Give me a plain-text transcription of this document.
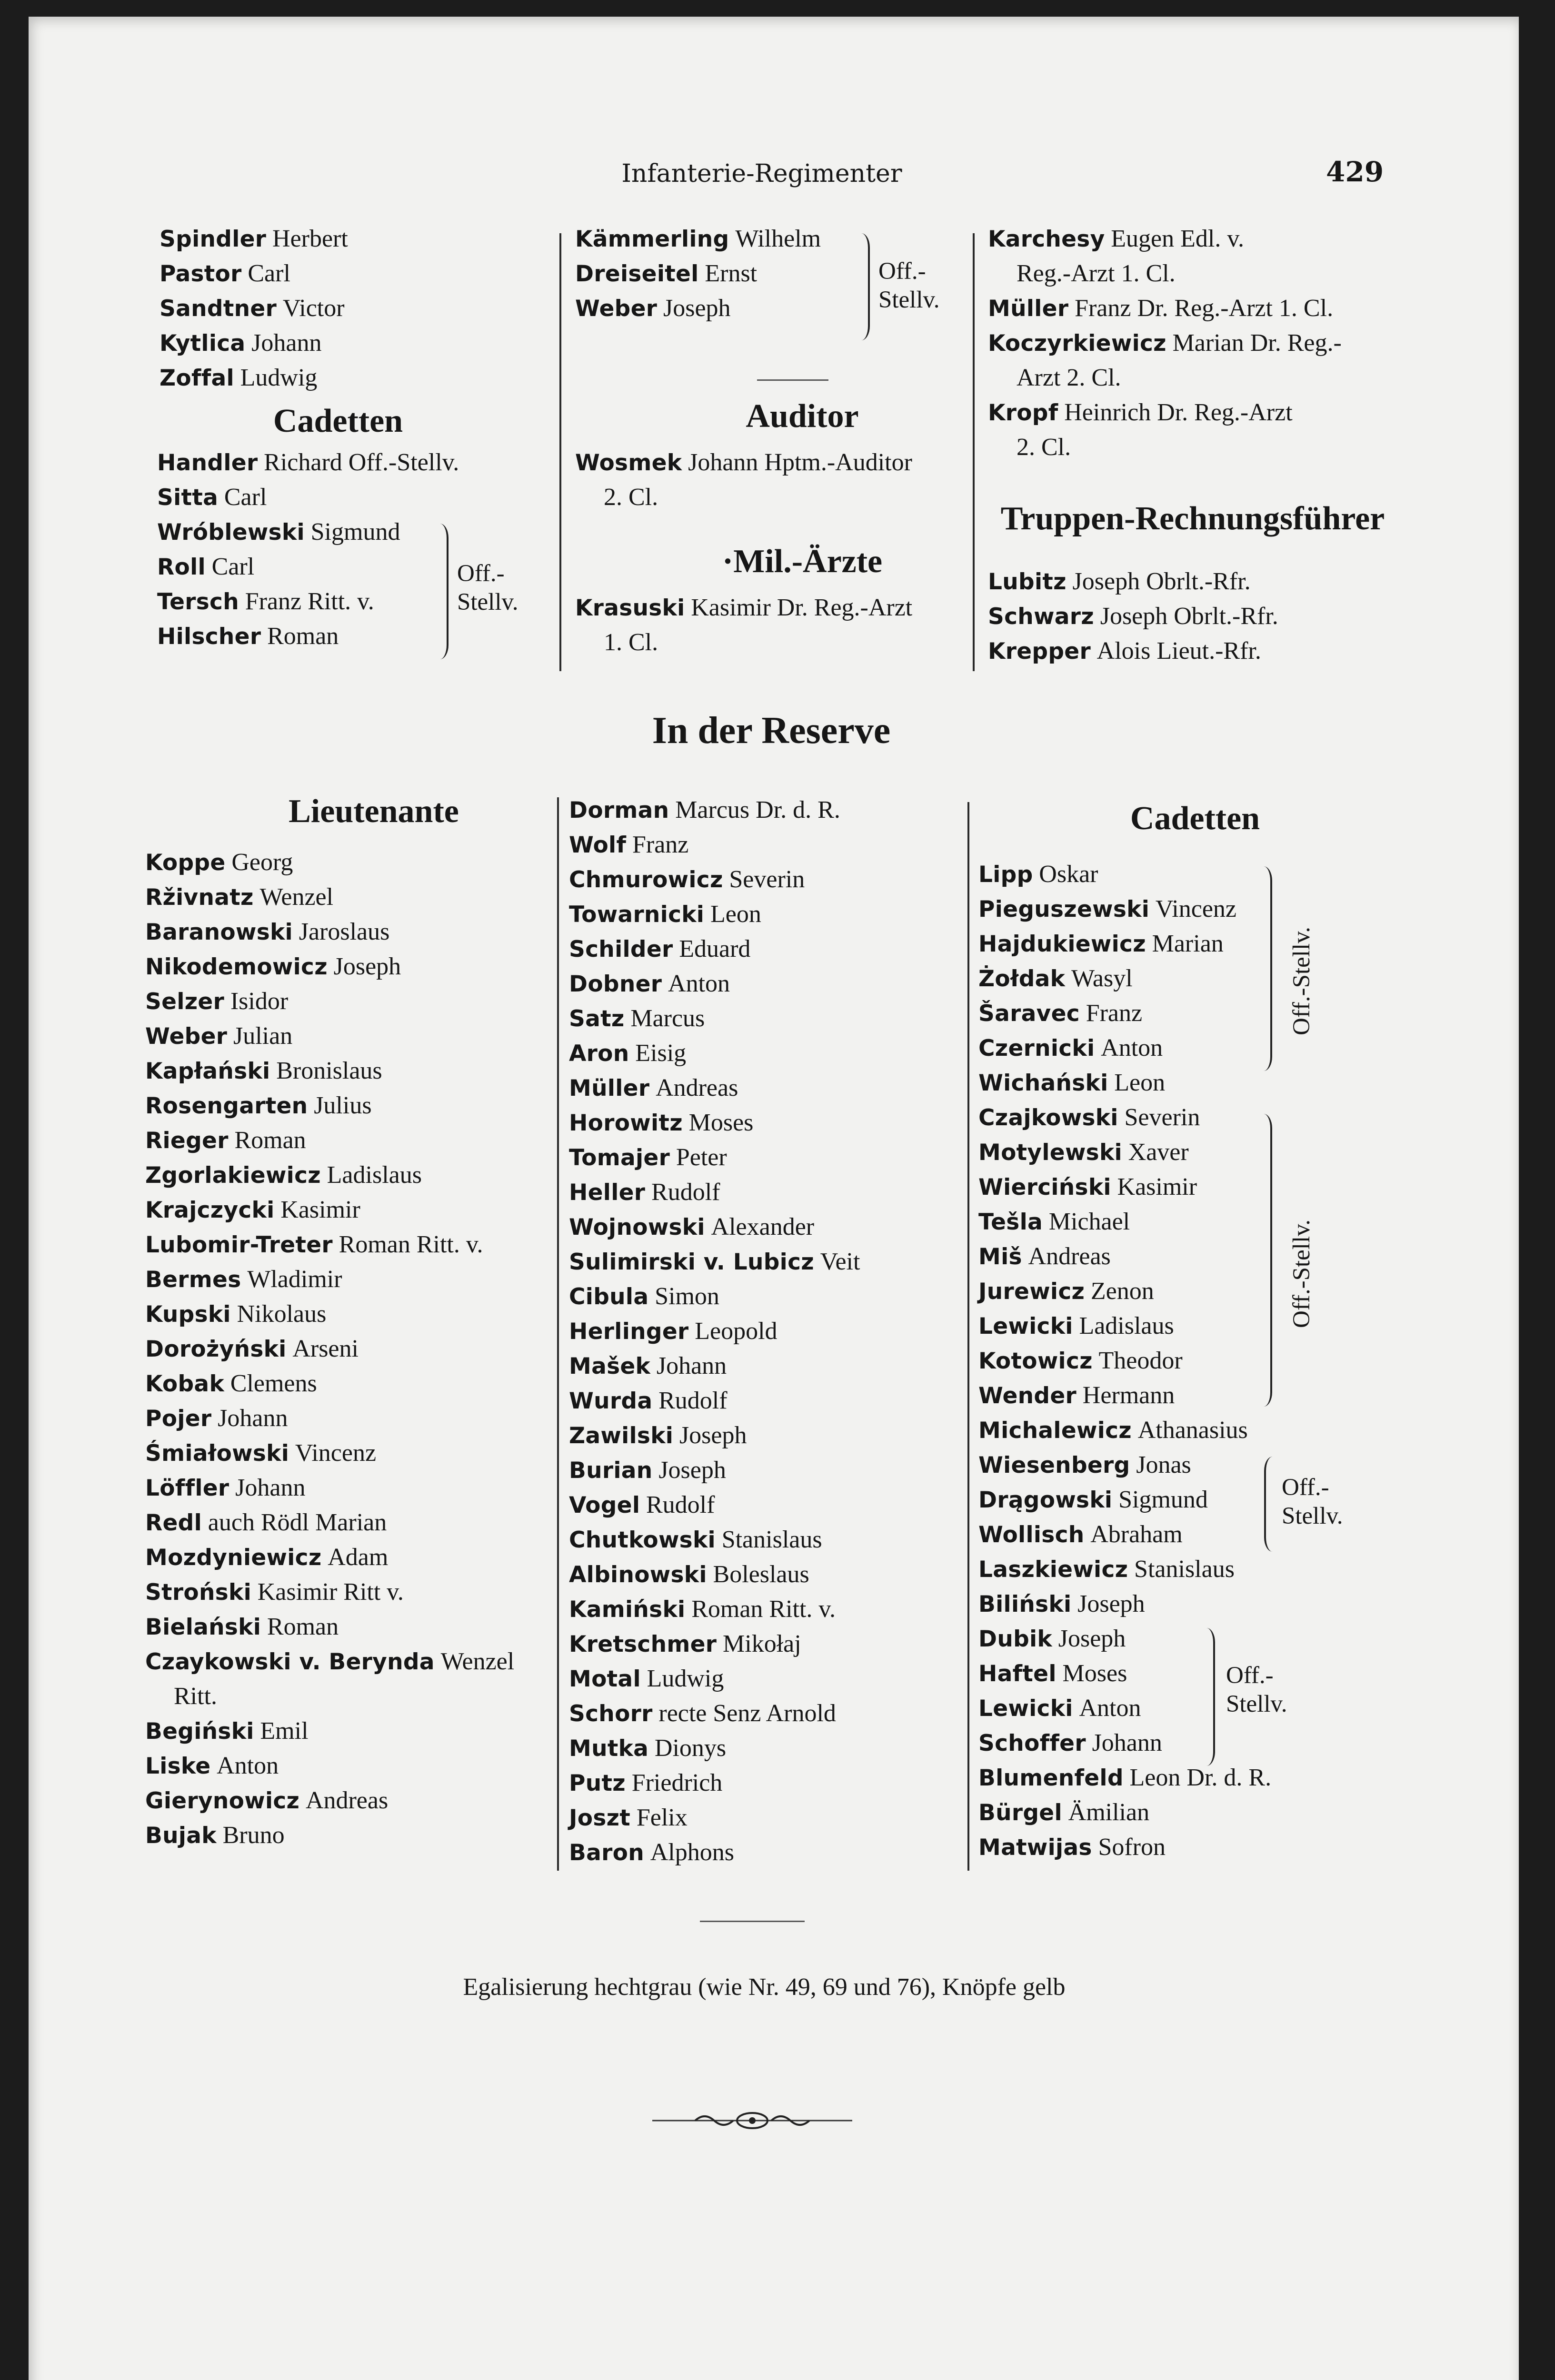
Infanterie-Regimenter	429
Spindler Herbert
Pastor Carl
Sandtner Victor
Kytlica Johann
Zoffal Ludwig
Cadetten
Handler Richard Off.-Stellv.
Sitta Carl
Wróblewski Sigmund
Roll Carl
Tersch Franz Ritt. v.
Hilscher Roman
Off.-
Stellv.
Kämmerling Wilhelm
Dreiseitel Ernst
Weber Joseph
Off.-
Stellv.
Auditor
Wosmek Johann Hptm.-Auditor
2. Cl.
·Mil.-Ärzte
Krasuski Kasimir Dr. Reg.-Arzt
1. Cl.
Karchesy Eugen Edl. v.
Reg.-Arzt 1. Cl.
Müller Franz Dr. Reg.-Arzt 1. Cl.
Koczyrkiewicz Marian Dr. Reg.-
Arzt 2. Cl.
Kropf Heinrich Dr. Reg.-Arzt
2. Cl.
Truppen-Rechnungsführer
Lubitz Joseph Obrlt.-Rfr.
Schwarz Joseph Obrlt.-Rfr.
Krepper Alois Lieut.-Rfr.
In der Reserve
Lieutenante
Koppe Georg
Rživnatz Wenzel
Baranowski Jaroslaus
Nikodemowicz Joseph
Selzer Isidor
Weber Julian
Kapłański Bronislaus
Rosengarten Julius
Rieger Roman
Zgorlakiewicz Ladislaus
Krajczycki Kasimir
Lubomir-Treter Roman Ritt. v.
Bermes Wladimir
Kupski Nikolaus
Dorożyński Arseni
Kobak Clemens
Pojer Johann
Śmiałowski Vincenz
Löffler Johann
Redl auch Rödl Marian
Mozdyniewicz Adam
Stroński Kasimir Ritt v.
Bielański Roman
Czaykowski v. Berynda Wenzel
Ritt.
Begiński Emil
Liske Anton
Gierynowicz Andreas
Bujak Bruno
Dorman Marcus Dr. d. R.
Wolf Franz
Chmurowicz Severin
Towarnicki Leon
Schilder Eduard
Dobner Anton
Satz Marcus
Aron Eisig
Müller Andreas
Horowitz Moses
Tomajer Peter
Heller Rudolf
Wojnowski Alexander
Sulimirski v. Lubicz Veit
Cibula Simon
Herlinger Leopold
Mašek Johann
Wurda Rudolf
Zawilski Joseph
Burian Joseph
Vogel Rudolf
Chutkowski Stanislaus
Albinowski Boleslaus
Kamiński Roman Ritt. v.
Kretschmer Mikołaj
Motal Ludwig
Schorr recte Senz Arnold
Mutka Dionys
Putz Friedrich
Joszt Felix
Baron Alphons
Cadetten
Lipp Oskar
Pieguszewski Vincenz
Hajdukiewicz Marian
Żołdak Wasyl
Šaravec Franz
Czernicki Anton
Wichański Leon
Czajkowski Severin
Motylewski Xaver
Wierciński Kasimir
Tešla Michael
Miš Andreas
Jurewicz Zenon
Lewicki Ladislaus
Kotowicz Theodor
Wender Hermann
Michalewicz Athanasius
Wiesenberg Jonas
Drągowski Sigmund
Wollisch Abraham
Laszkiewicz Stanislaus
Biliński Joseph
Dubik Joseph
Haftel Moses
Lewicki Anton
Schoffer Johann
Blumenfeld Leon Dr. d. R.
Bürgel Ämilian
Matwijas Sofron
Off.-Stellv.
Off.-Stellv.
Off.-
Stellv.
Off.-
Stellv.
Egalisierung hechtgrau (wie Nr. 49, 69 und 76), Knöpfe gelb
